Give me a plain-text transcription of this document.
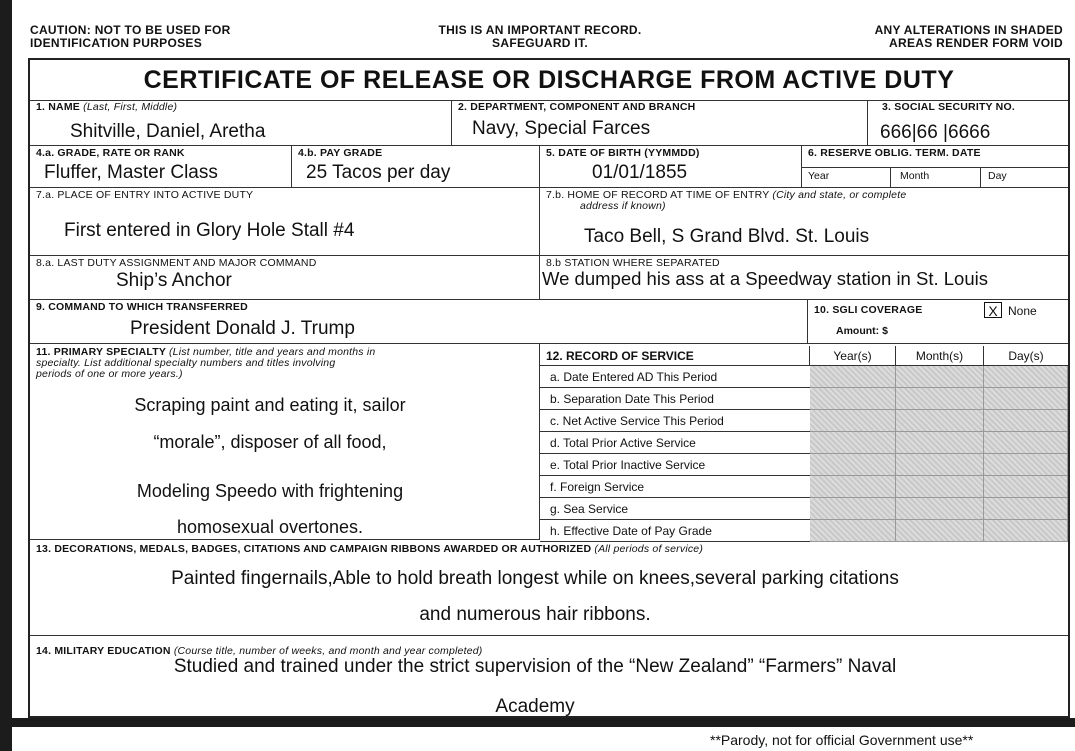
CAUTION: NOT TO BE USED FOR
IDENTIFICATION PURPOSES
THIS IS AN IMPORTANT RECORD.
SAFEGUARD IT.
ANY ALTERATIONS IN SHADED
AREAS RENDER FORM VOID
CERTIFICATE OF RELEASE OR DISCHARGE FROM ACTIVE DUTY
1. NAME (Last, First, Middle)
Shitville, Daniel, Aretha
2. DEPARTMENT, COMPONENT AND BRANCH
Navy, Special Farces
3. SOCIAL SECURITY NO.
666|66 |6666
4.a. GRADE, RATE OR RANK
Fluffer, Master Class
4.b. PAY GRADE
25 Tacos per day
5. DATE OF BIRTH (YYMMDD)
01/01/1855
6. RESERVE OBLIG. TERM. DATE
Year	Month	Day
7.a. PLACE OF ENTRY INTO ACTIVE DUTY
First entered in Glory Hole Stall #4
7.b. HOME OF RECORD AT TIME OF ENTRY (City and state, or complete
address if known)
Taco Bell, S Grand Blvd. St. Louis
8.a. LAST DUTY ASSIGNMENT AND MAJOR COMMAND
Ship’s Anchor
8.b STATION WHERE SEPARATED
We dumped his ass at a Speedway station in St. Louis
9. COMMAND TO WHICH TRANSFERRED
President Donald J. Trump
10. SGLI COVERAGE	X None
Amount: $
11. PRIMARY SPECIALTY (List number, title and years and months in
specialty. List additional specialty numbers and titles involving
periods of one or more years.)
Scraping paint and eating it, sailor
“morale”, disposer of all food,
Modeling Speedo with frightening
homosexual overtones.
12. RECORD OF SERVICE	Year(s)	Month(s)	Day(s)
13. DECORATIONS, MEDALS, BADGES, CITATIONS AND CAMPAIGN RIBBONS AWARDED OR AUTHORIZED (All periods of service)
Painted fingernails,Able to hold breath longest while on knees,several parking citations
and numerous hair ribbons.
14. MILITARY EDUCATION (Course title, number of weeks, and month and year completed)
Studied and trained under the strict supervision of the “New Zealand” “Farmers” Naval
Academy
a. Date Entered AD This Period
b. Separation Date This Period
c. Net Active Service This Period
d. Total Prior Active Service
e. Total Prior Inactive Service
f. Foreign Service
g. Sea Service
h. Effective Date of Pay Grade
**Parody, not for official Government use**
